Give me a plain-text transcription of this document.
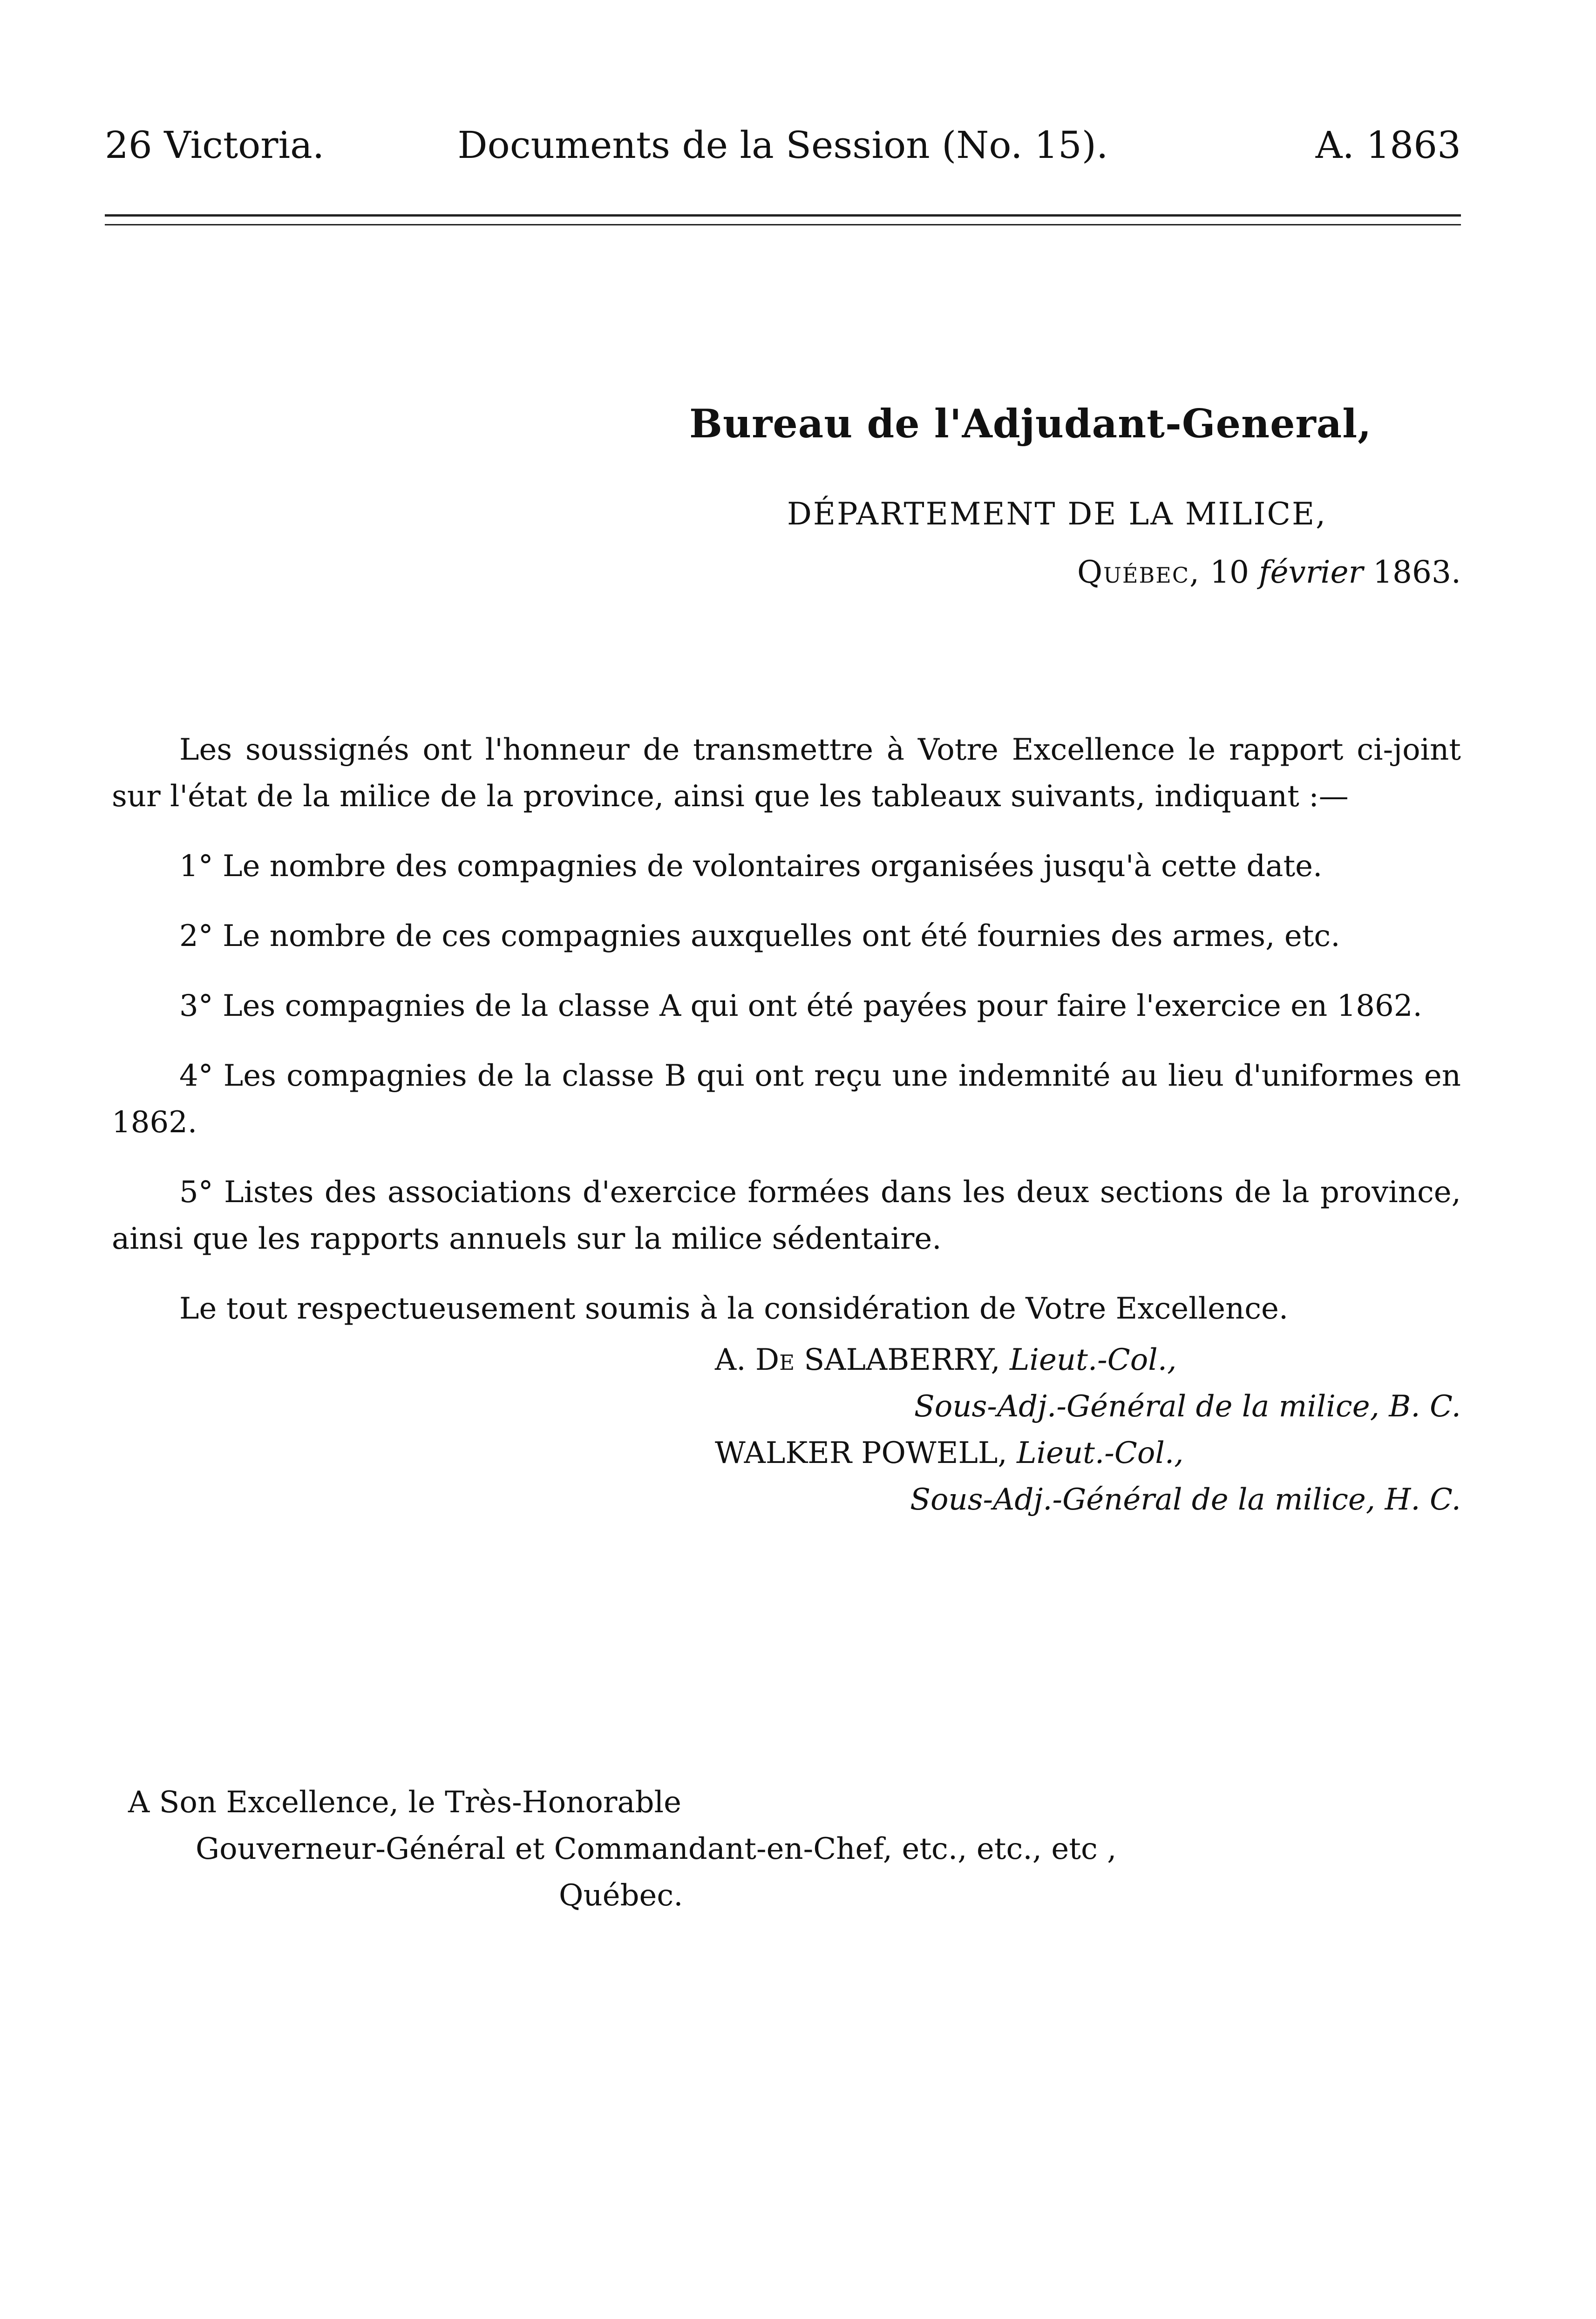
26 Victoria.	Documents de la Session (No. 15).	A. 1863
Bureau de l'Adjudant-General,
DÉPARTEMENT DE LA MILICE,
Québec, 10 février 1863.

Les soussignés ont l'honneur de transmettre à Votre Excellence le rapport ci-joint sur l'état de la milice de la province, ainsi que les tableaux suivants, indiquant :—

1° Le nombre des compagnies de volontaires organisées jusqu'à cette date.

2° Le nombre de ces compagnies auxquelles ont été fournies des armes, etc.

3° Les compagnies de la classe A qui ont été payées pour faire l'exercice en 1862.

4° Les compagnies de la classe B qui ont reçu une indemnité au lieu d'uniformes en 1862.

5° Listes des associations d'exercice formées dans les deux sections de la province, ainsi que les rapports annuels sur la milice sédentaire.

Le tout respectueusement soumis à la considération de Votre Excellence.

A. De SALABERRY, Lieut.-Col.,
Sous-Adj.-Général de la milice, B. C.
WALKER POWELL, Lieut.-Col.,
Sous-Adj.-Général de la milice, H. C.
A Son Excellence, le Très-Honorable
Gouverneur-Général et Commandant-en-Chef, etc., etc., etc ,
Québec.
